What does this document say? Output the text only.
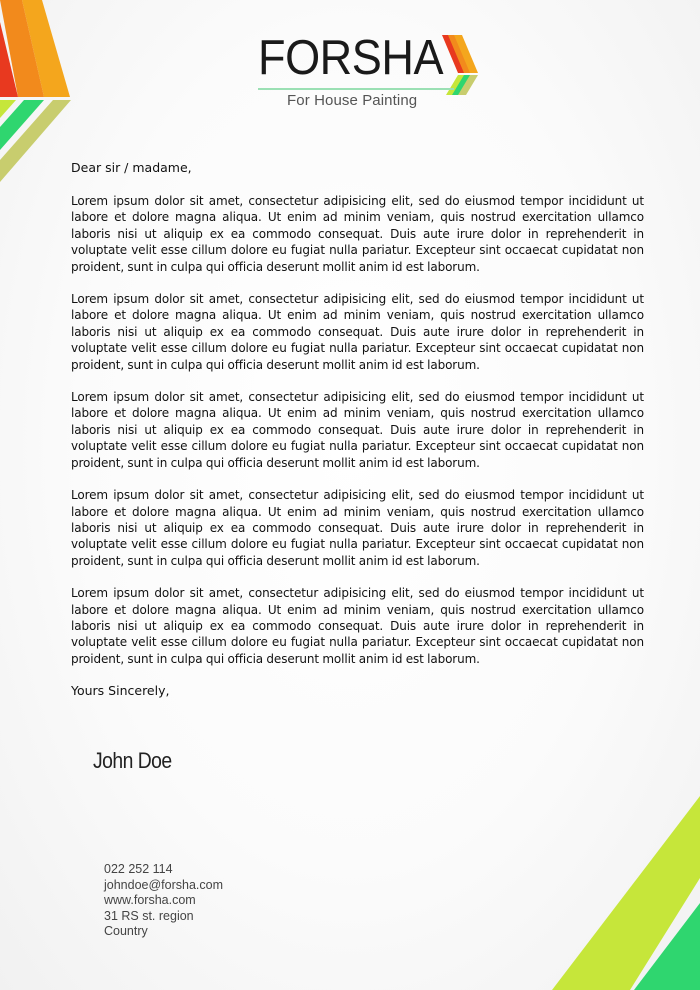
FORSHA
For House Painting

Dear sir / madame,

Lorem ipsum dolor sit amet, consectetur adipisicing elit, sed do eiusmod tempor incididunt ut labore et dolore magna aliqua. Ut enim ad minim veniam, quis nostrud exercitation ullamco laboris nisi ut aliquip ex ea commodo consequat. Duis aute irure dolor in reprehenderit in voluptate velit esse cillum dolore eu fugiat nulla pariatur. Excepteur sint occaecat cupidatat non proident, sunt in culpa qui officia deserunt mollit anim id est laborum.

Lorem ipsum dolor sit amet, consectetur adipisicing elit, sed do eiusmod tempor incididunt ut labore et dolore magna aliqua. Ut enim ad minim veniam, quis nostrud exercitation ullamco laboris nisi ut aliquip ex ea commodo consequat. Duis aute irure dolor in reprehenderit in voluptate velit esse cillum dolore eu fugiat nulla pariatur. Excepteur sint occaecat cupidatat non proident, sunt in culpa qui officia deserunt mollit anim id est laborum.

Lorem ipsum dolor sit amet, consectetur adipisicing elit, sed do eiusmod tempor incididunt ut labore et dolore magna aliqua. Ut enim ad minim veniam, quis nostrud exercitation ullamco laboris nisi ut aliquip ex ea commodo consequat. Duis aute irure dolor in reprehenderit in voluptate velit esse cillum dolore eu fugiat nulla pariatur. Excepteur sint occaecat cupidatat non proident, sunt in culpa qui officia deserunt mollit anim id est laborum.

Lorem ipsum dolor sit amet, consectetur adipisicing elit, sed do eiusmod tempor incididunt ut labore et dolore magna aliqua. Ut enim ad minim veniam, quis nostrud exercitation ullamco laboris nisi ut aliquip ex ea commodo consequat. Duis aute irure dolor in reprehenderit in voluptate velit esse cillum dolore eu fugiat nulla pariatur. Excepteur sint occaecat cupidatat non proident, sunt in culpa qui officia deserunt mollit anim id est laborum.

Lorem ipsum dolor sit amet, consectetur adipisicing elit, sed do eiusmod tempor incididunt ut labore et dolore magna aliqua. Ut enim ad minim veniam, quis nostrud exercitation ullamco laboris nisi ut aliquip ex ea commodo consequat. Duis aute irure dolor in reprehenderit in voluptate velit esse cillum dolore eu fugiat nulla pariatur. Excepteur sint occaecat cupidatat non proident, sunt in culpa qui officia deserunt mollit anim id est laborum.

Yours Sincerely,

John Doe
022 252 114
johndoe@forsha.com
www.forsha.com
31 RS st. region
Country
